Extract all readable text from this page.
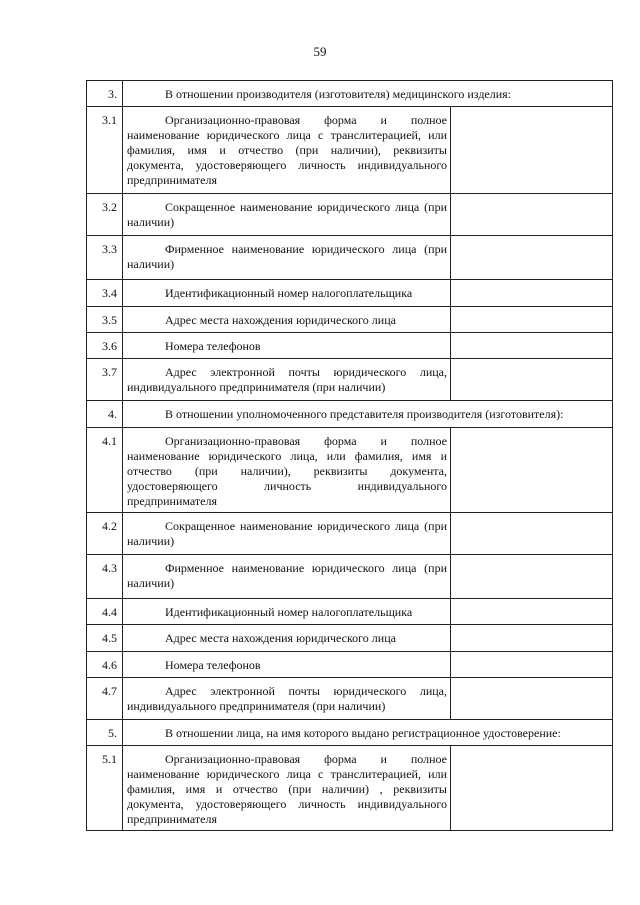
59
3.	В отношении производителя (изготовителя) медицинского изделия:	
3.1	Организационно-правовая форма и полное наименование юридического лица с транслитерацией, или фамилия, имя и отчество (при наличии), реквизиты документа, удостоверяющего личность индивидуального предпринимателя	
3.2	Сокращенное наименование юридического лица (при наличии)	
3.3	Фирменное наименование юридического лица (при наличии)	
3.4	Идентификационный номер налогоплательщика	
3.5	Адрес места нахождения юридического лица	
3.6	Номера телефонов	
3.7	Адрес электронной почты юридического лица, индивидуального предпринимателя (при наличии)	
4.	В отношении уполномоченного представителя производителя (изготовителя):	
4.1	Организационно-правовая форма и полное наименование юридического лица, или фамилия, имя и отчество (при наличии), реквизиты документа, удостоверяющего личность индивидуального предпринимателя	
4.2	Сокращенное наименование юридического лица (при наличии)	
4.3	Фирменное наименование юридического лица (при наличии)	
4.4	Идентификационный номер налогоплательщика	
4.5	Адрес места нахождения юридического лица	
4.6	Номера телефонов	
4.7	Адрес электронной почты юридического лица, индивидуального предпринимателя (при наличии)	
5.	В отношении лица, на имя которого выдано регистрационное удостоверение:	
5.1	Организационно-правовая форма и полное наименование юридического лица с транслитерацией, или фамилия, имя и отчество (при наличии) , реквизиты документа, удостоверяющего личность индивидуального предпринимателя	
